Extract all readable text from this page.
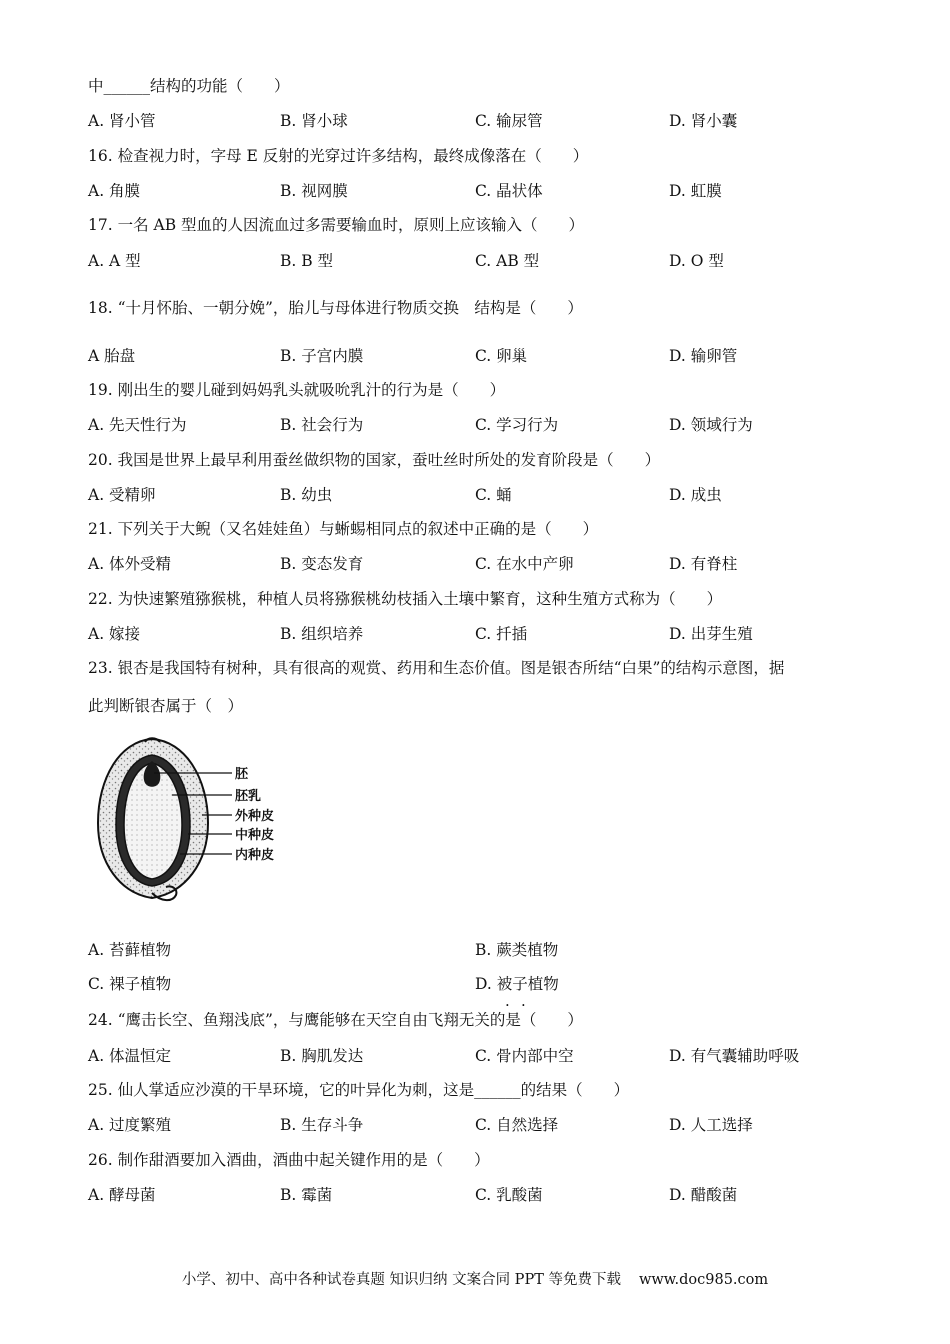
中______结构的功能（　　）
A. 肾小管	B. 肾小球	C. 输尿管	D. 肾小囊
16. 检查视力时，字母 E 反射的光穿过许多结构，最终成像落在（　　）
A. 角膜	B. 视网膜	C. 晶状体	D. 虹膜
17. 一名 AB 型血的人因流血过多需要输血时，原则上应该输入（　　）
A. A 型	B. B 型	C. AB 型	D. O 型
18. “十月怀胎、一朝分娩”，胎儿与母体进行物质交换　结构是（　　）
A 胎盘	B. 子宫内膜	C. 卵巢	D. 输卵管
19. 刚出生的婴儿碰到妈妈乳头就吸吮乳汁的行为是（　　）
A. 先天性行为	B. 社会行为	C. 学习行为	D. 领域行为
20. 我国是世界上最早利用蚕丝做织物的国家，蚕吐丝时所处的发育阶段是（　　）
A. 受精卵	B. 幼虫	C. 蛹	D. 成虫
21. 下列关于大鲵（又名娃娃鱼）与蜥蜴相同点的叙述中正确的是（　　）
A. 体外受精	B. 变态发育	C. 在水中产卵	D. 有脊柱
22. 为快速繁殖猕猴桃，种植人员将猕猴桃幼枝插入土壤中繁育，这种生殖方式称为（　　）
A. 嫁接	B. 组织培养	C. 扦插	D. 出芽生殖
23. 银杏是我国特有树种，具有很高的观赏、药用和生态价值。图是银杏所结“白果”的结构示意图，据
此判断银杏属于（　）
胚
胚乳
外种皮
中种皮
内种皮
A. 苔藓植物	B. 蕨类植物
C. 裸子植物	D. 被子植物
· ·
24. “鹰击长空、鱼翔浅底”，与鹰能够在天空自由飞翔无关的是（　　）
A. 体温恒定	B. 胸肌发达	C. 骨内部中空	D. 有气囊辅助呼吸
25. 仙人掌适应沙漠的干旱环境，它的叶异化为刺，这是______的结果（　　）
A. 过度繁殖	B. 生存斗争	C. 自然选择	D. 人工选择
26. 制作甜酒要加入酒曲，酒曲中起关键作用的是（　　）
A. 酵母菌	B. 霉菌	C. 乳酸菌	D. 醋酸菌
小学、初中、高中各种试卷真题 知识归纳 文案合同 PPT 等免费下载 www.doc985.com
